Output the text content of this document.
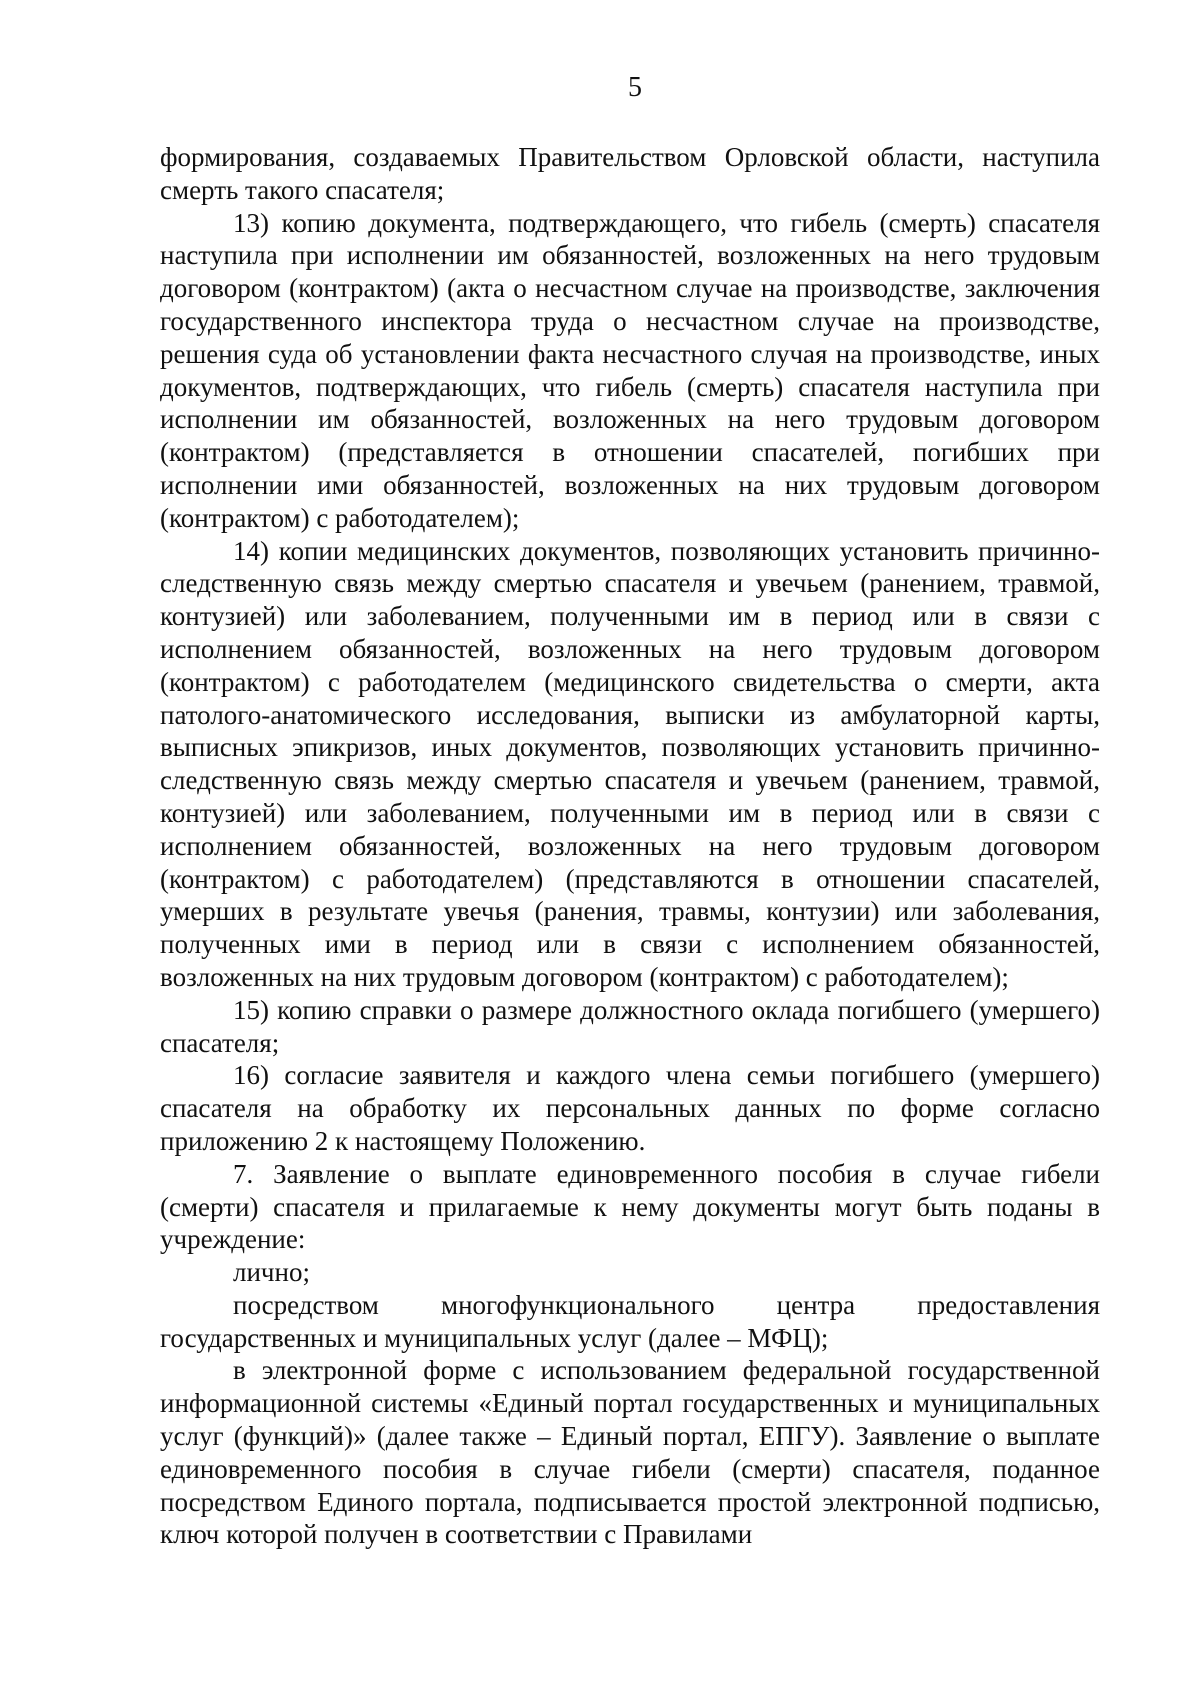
5

формирования, создаваемых Правительством Орловской области, наступила смерть такого спасателя;

13) копию документа, подтверждающего, что гибель (смерть) спасателя наступила при исполнении им обязанностей, возложенных на него трудовым договором (контрактом) (акта о несчастном случае на производстве, заключения государственного инспектора труда о несчастном случае на производстве, решения суда об установлении факта несчастного случая на производстве, иных документов, подтверждающих, что гибель (смерть) спасателя наступила при исполнении им обязанностей, возложенных на него трудовым договором (контрактом) (представляется в отношении спасателей, погибших при исполнении ими обязанностей, возложенных на них трудовым договором (контрактом) с работодателем);

14) копии медицинских документов, позволяющих установить причинно-следственную связь между смертью спасателя и увечьем (ранением, травмой, контузией) или заболеванием, полученными им в период или в связи с исполнением обязанностей, возложенных на него трудовым договором (контрактом) с работодателем (медицинского свидетельства о смерти, акта патолого-анатомического исследования, выписки из амбулаторной карты, выписных эпикризов, иных документов, позволяющих установить причинно-следственную связь между смертью спасателя и увечьем (ранением, травмой, контузией) или заболеванием, полученными им в период или в связи с исполнением обязанностей, возложенных на него трудовым договором (контрактом) с работодателем) (представляются в отношении спасателей, умерших в результате увечья (ранения, травмы, контузии) или заболевания, полученных ими в период или в связи с исполнением обязанностей, возложенных на них трудовым договором (контрактом) с работодателем);

15) копию справки о размере должностного оклада погибшего (умершего) спасателя;

16) согласие заявителя и каждого члена семьи погибшего (умершего) спасателя на обработку их персональных данных по форме согласно приложению 2 к настоящему Положению.

7. Заявление о выплате единовременного пособия в случае гибели (смерти) спасателя и прилагаемые к нему документы могут быть поданы в учреждение:

лично;

посредством многофункционального центра предоставления государственных и муниципальных услуг (далее – МФЦ);

в электронной форме с использованием федеральной государственной информационной системы «Единый портал государственных и муниципальных услуг (функций)» (далее также – Единый портал, ЕПГУ). Заявление о выплате единовременного пособия в случае гибели (смерти) спасателя, поданное посредством Единого портала, подписывается простой электронной подписью, ключ которой получен в соответствии с Правилами
